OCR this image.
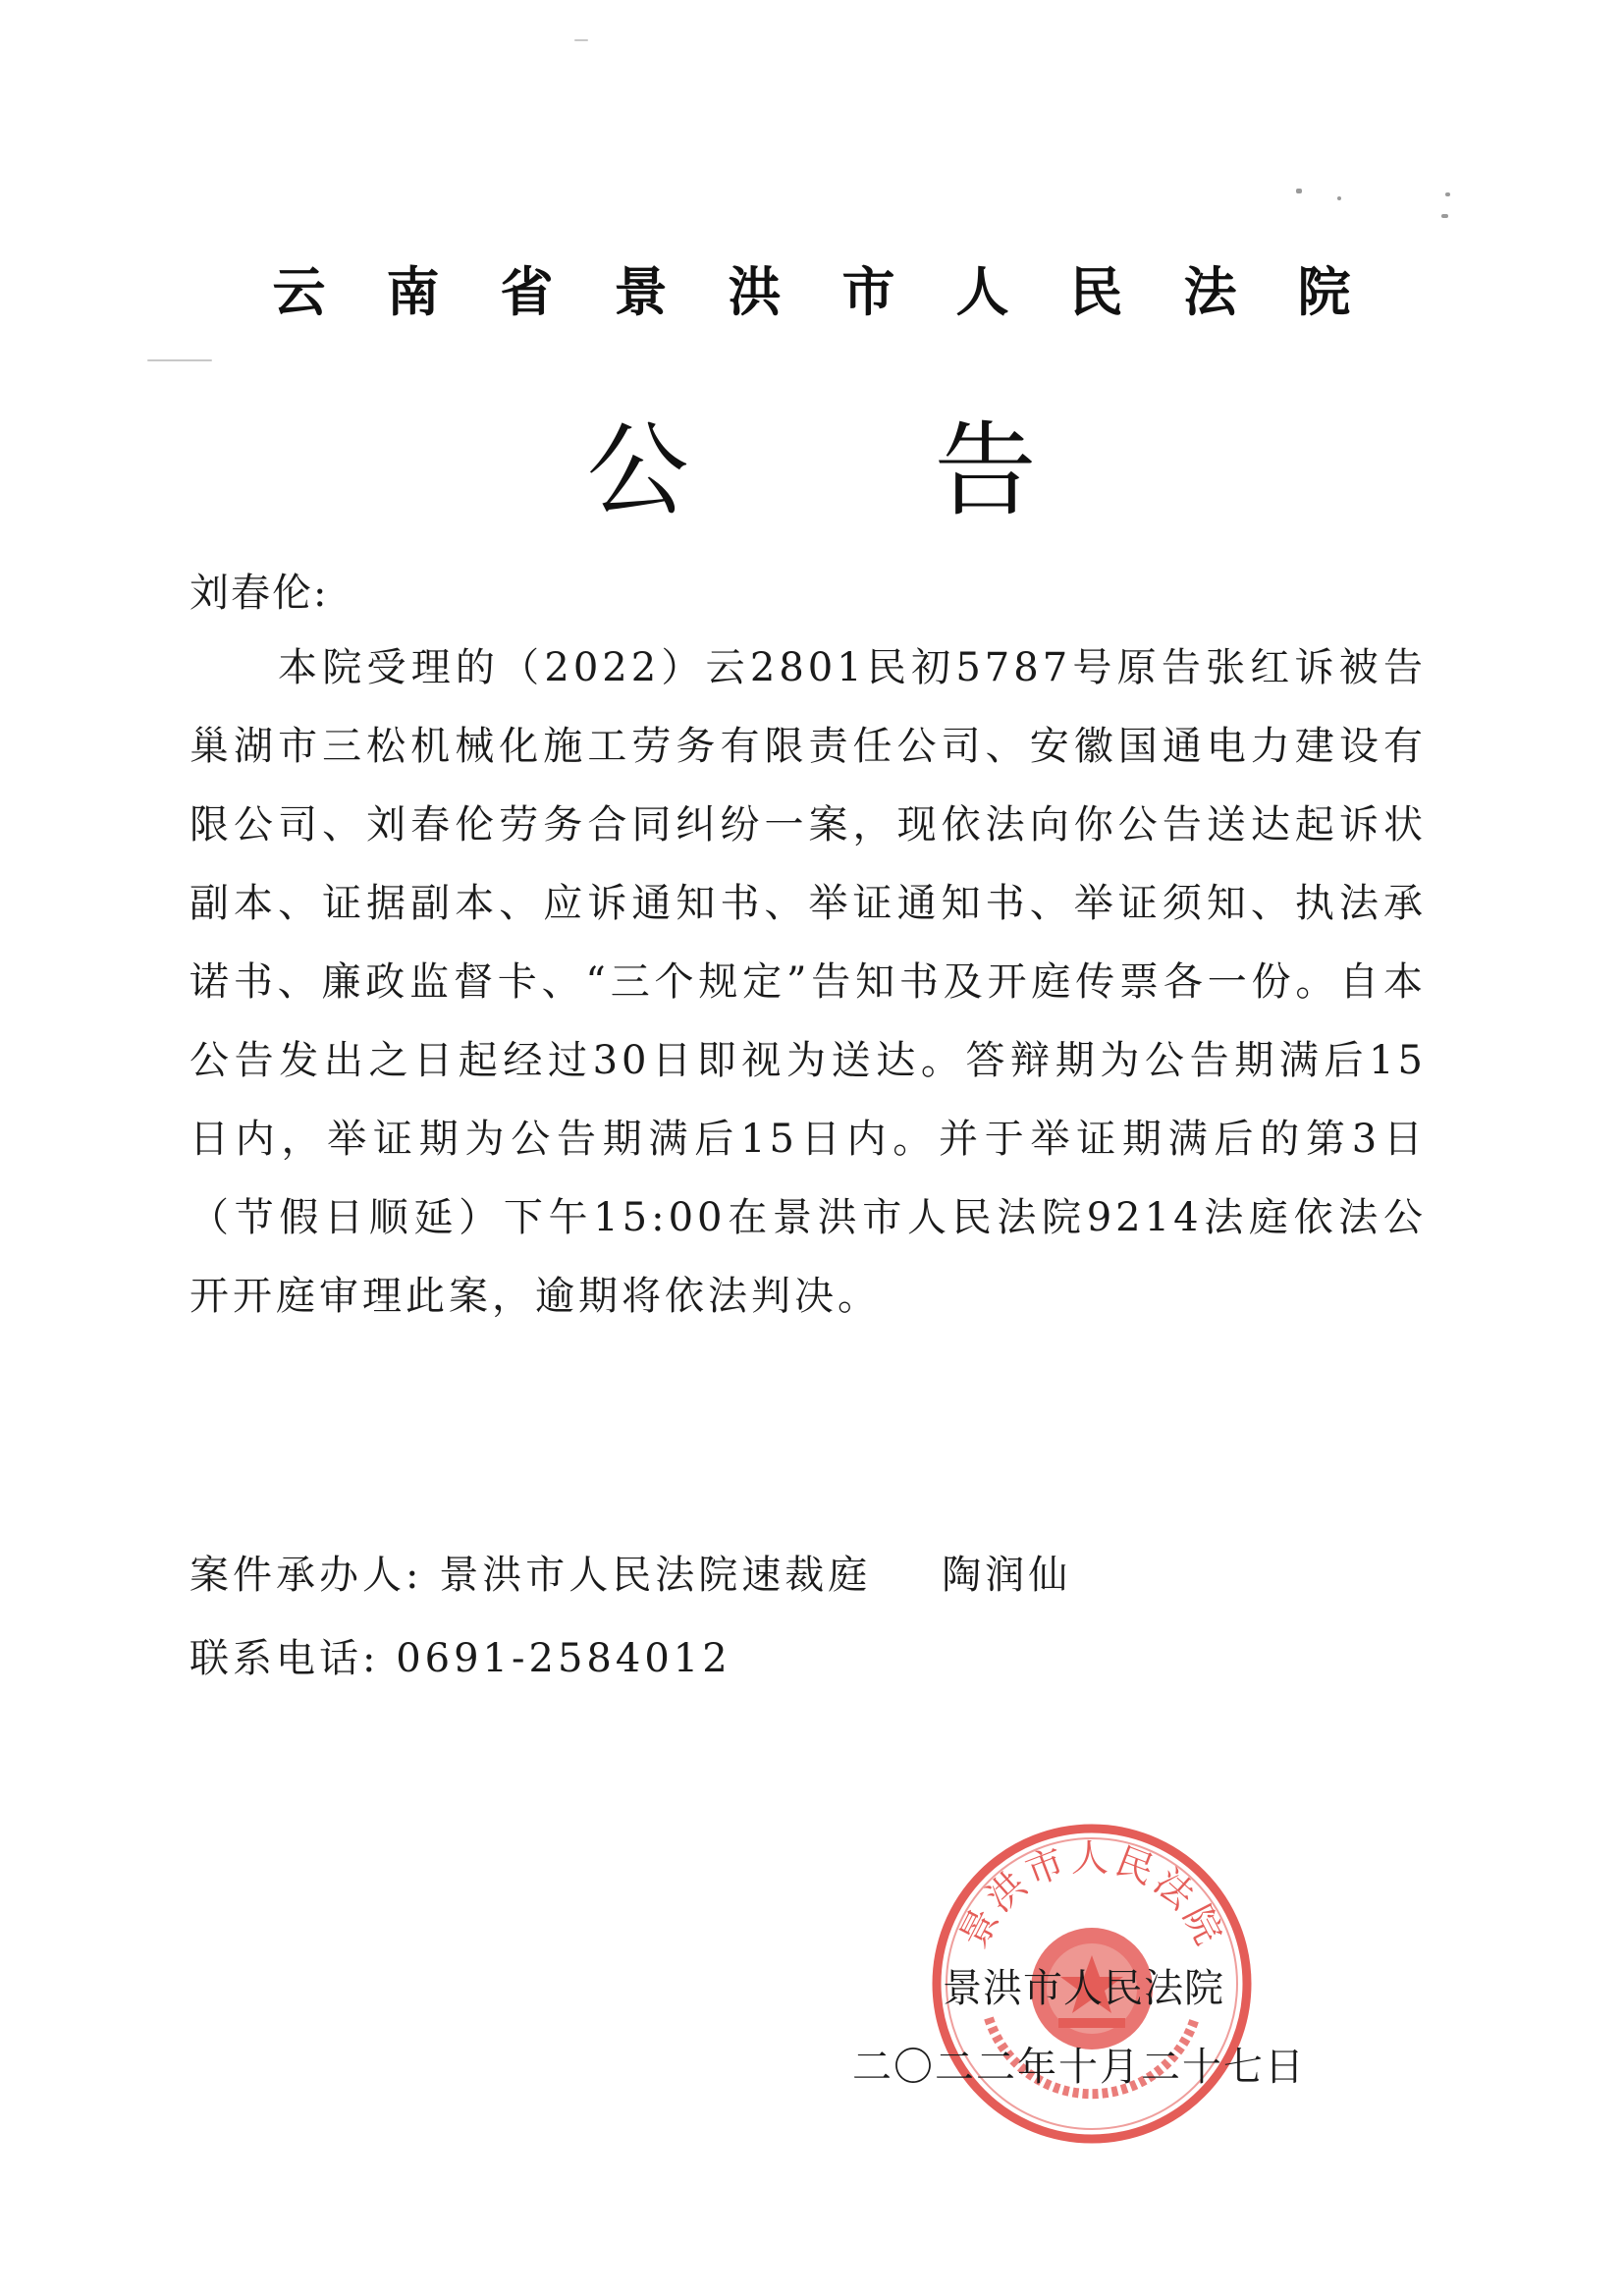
云南省景洪市人民法院
公告
刘春伦:
本院受理的（2022）云2801民初5787号原告张红诉被告巢湖市三松机械化施工劳务有限责任公司、安徽国通电力建设有限公司、刘春伦劳务合同纠纷一案，现依法向你公告送达起诉状副本、证据副本、应诉通知书、举证通知书、举证须知、执法承诺书、廉政监督卡、“三个规定”告知书及开庭传票各一份。自本公告发出之日起经过30日即视为送达。答辩期为公告期满后15日内，举证期为公告期满后15日内。并于举证期满后的第3日（节假日顺延）下午15:00在景洪市人民法院9214法庭依法公开开庭审理此案，逾期将依法判决。
案件承办人: 景洪市人民法院速裁庭 陶润仙
联系电话: 0691-2584012
景洪市人民法院
景洪市人民法院
二〇二二年十月二十七日
